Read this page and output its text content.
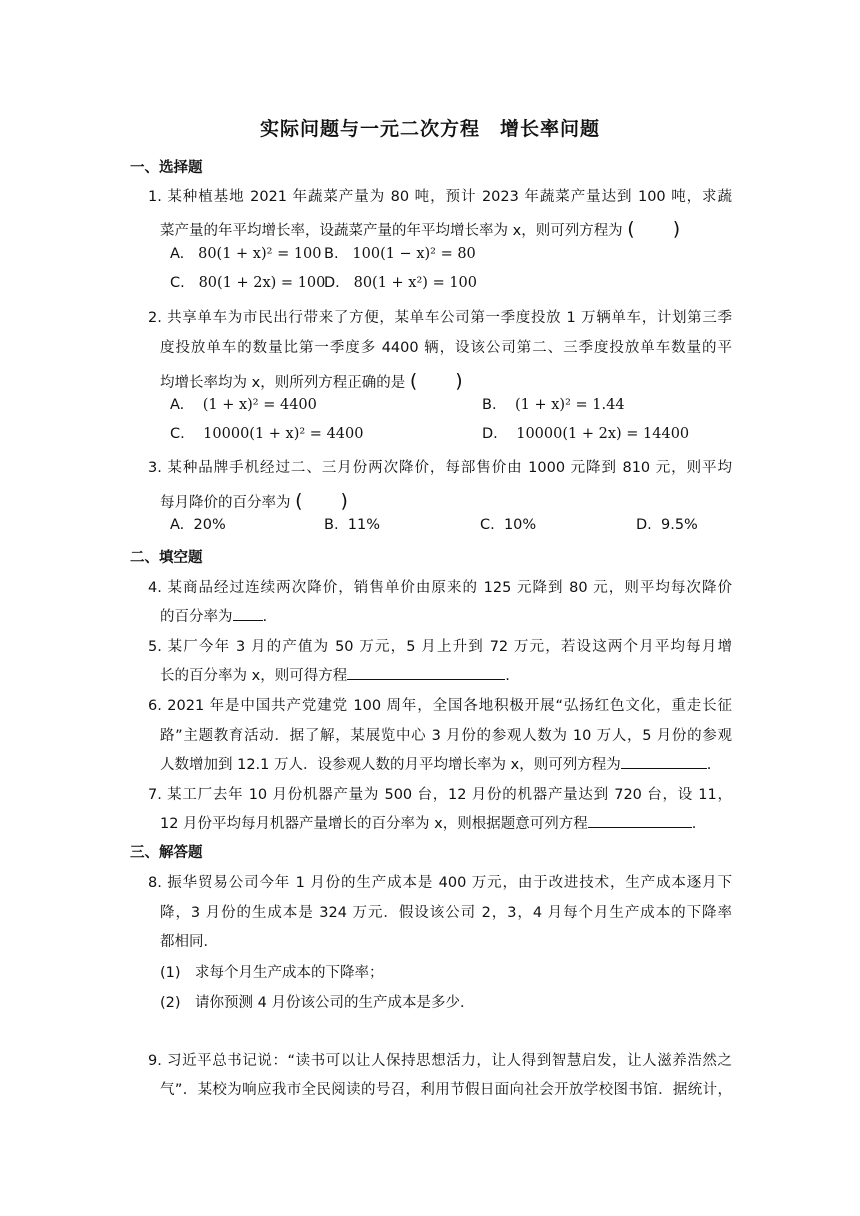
实际问题与一元二次方程　增长率问题
一、选择题
1. 某种植基地 2021 年蔬菜产量为 80 吨，预计 2023 年蔬菜产量达到 100 吨，求蔬
菜产量的年平均增长率，设蔬菜产量的年平均增长率为 x，则可列方程为 (　　)
A. 80(1 + x)² = 100 B. 100(1 − x)² = 80
C. 80(1 + 2x) = 100
D. 80(1 + x²) = 100
2. 共享单车为市民出行带来了方便，某单车公司第一季度投放 1 万辆单车，计划第三季
度投放单车的数量比第一季度多 4400 辆，设该公司第二、三季度投放单车数量的平
均增长率均为 x，则所列方程正确的是 (　　)
A. (1 + x)² = 4400	B. (1 + x)² = 1.44
C. 10000(1 + x)² = 4400	D. 10000(1 + 2x) = 14400
3. 某种品牌手机经过二、三月份两次降价，每部售价由 1000 元降到 810 元，则平均
每月降价的百分率为 (　　)
A. 20%	B. 11%	C. 10%	D. 9.5%
二、填空题
4. 某商品经过连续两次降价，销售单价由原来的 125 元降到 80 元，则平均每次降价
的百分率为 .
5. 某厂今年 3 月的产值为 50 万元，5 月上升到 72 万元，若设这两个月平均每月增
长的百分率为 x，则可得方程	.
6. 2021 年是中国共产党建党 100 周年，全国各地积极开展“弘扬红色文化，重走长征
路”主题教育活动．据了解，某展览中心 3 月份的参观人数为 10 万人，5 月份的参观
人数增加到 12.1 万人．设参观人数的月平均增长率为 x，则可列方程为	.
7. 某工厂去年 10 月份机器产量为 500 台，12 月份的机器产量达到 720 台，设 11，
12 月份平均每月机器产量增长的百分率为 x，则根据题意可列方程	.
三、解答题
8. 振华贸易公司今年 1 月份的生产成本是 400 万元，由于改进技术，生产成本逐月下
降，3 月份的生成本是 324 万元．假设该公司 2，3，4 月每个月生产成本的下降率
都相同．
(1)　求每个月生产成本的下降率；
(2)　请你预测 4 月份该公司的生产成本是多少．
9. 习近平总书记说：“读书可以让人保持思想活力，让人得到智慧启发，让人滋养浩然之
气”．某校为响应我市全民阅读的号召，利用节假日面向社会开放学校图书馆．据统计，
